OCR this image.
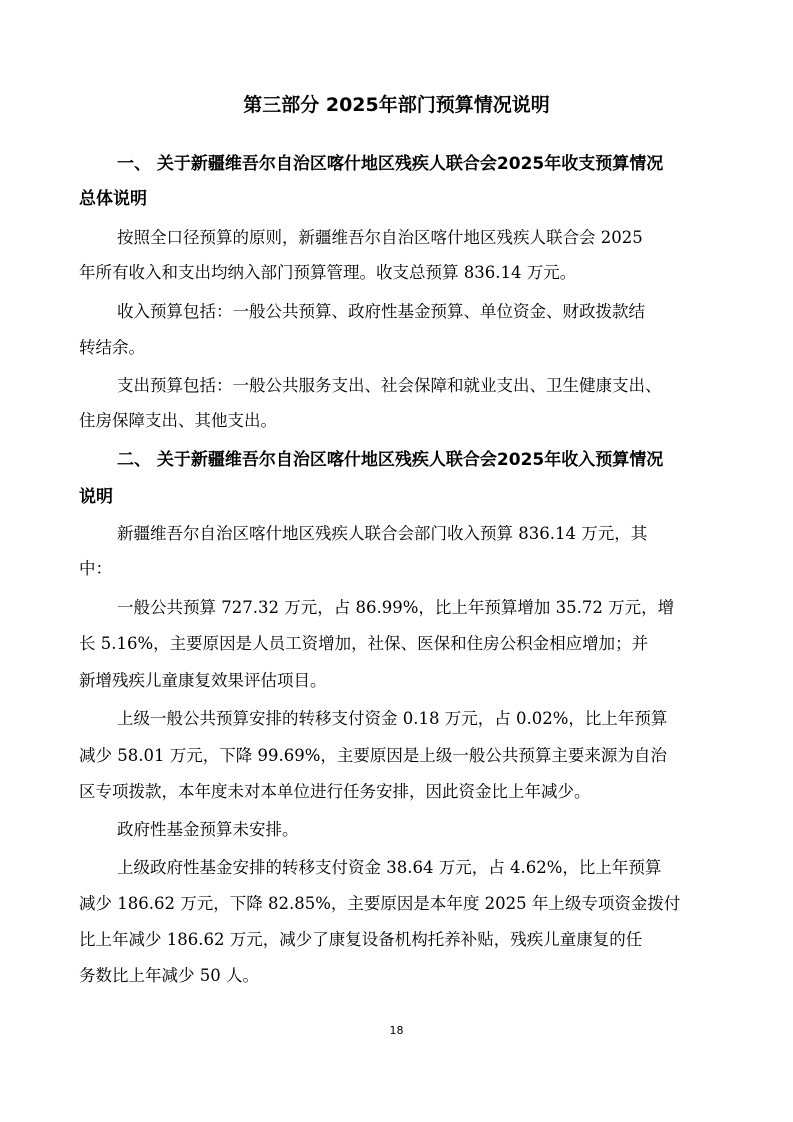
第三部分 2025年部门预算情况说明
一、 关于新疆维吾尔自治区喀什地区残疾人联合会2025年收支预算情况
总体说明
按照全口径预算的原则，新疆维吾尔自治区喀什地区残疾人联合会 2025
年所有收入和支出均纳入部门预算管理。收支总预算 836.14 万元。
收入预算包括：一般公共预算、政府性基金预算、单位资金、财政拨款结
转结余。
支出预算包括：一般公共服务支出、社会保障和就业支出、卫生健康支出、
住房保障支出、其他支出。
二、 关于新疆维吾尔自治区喀什地区残疾人联合会2025年收入预算情况
说明
新疆维吾尔自治区喀什地区残疾人联合会部门收入预算 836.14 万元，其
中：
一般公共预算 727.32 万元，占 86.99%，比上年预算增加 35.72 万元，增
长 5.16%，主要原因是人员工资增加，社保、医保和住房公积金相应增加；并
新增残疾儿童康复效果评估项目。
上级一般公共预算安排的转移支付资金 0.18 万元，占 0.02%，比上年预算
减少 58.01 万元，下降 99.69%，主要原因是上级一般公共预算主要来源为自治
区专项拨款，本年度未对本单位进行任务安排，因此资金比上年减少。
政府性基金预算未安排。
上级政府性基金安排的转移支付资金 38.64 万元，占 4.62%，比上年预算
减少 186.62 万元，下降 82.85%，主要原因是本年度 2025 年上级专项资金拨付
比上年减少 186.62 万元，减少了康复设备机构托养补贴，残疾儿童康复的任
务数比上年减少 50 人。
18
